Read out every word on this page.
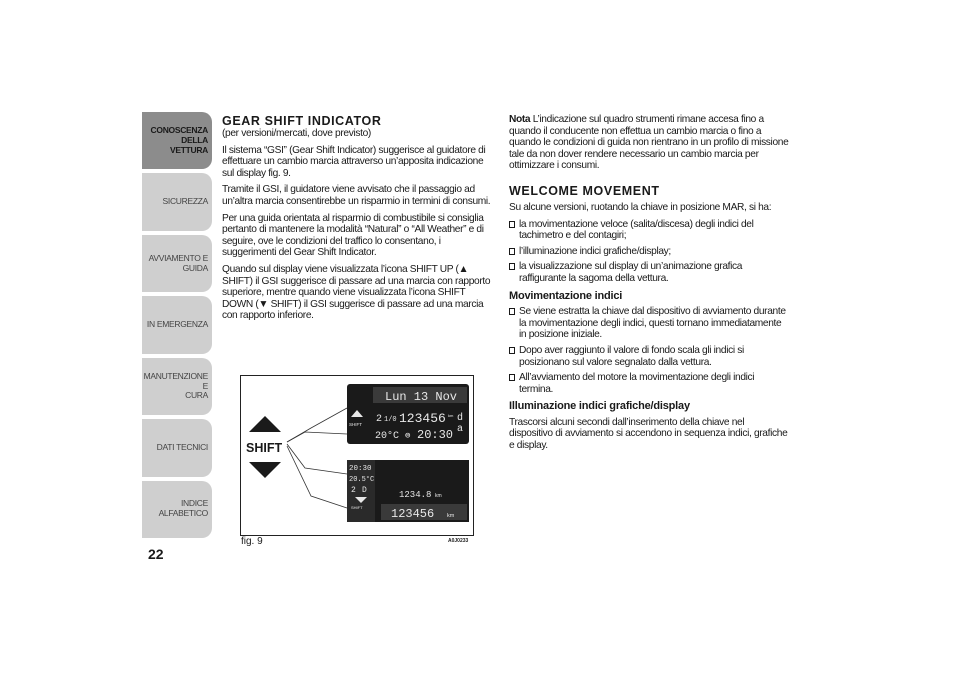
CONOSCENZA
DELLA VETTURA
SICUREZZA
AVVIAMENTO E
GUIDA
IN EMERGENZA
MANUTENZIONE E
CURA
DATI TECNICI
INDICE ALFABETICO
22
GEAR SHIFT INDICATOR

(per versioni/mercati, dove previsto)

Il sistema “GSI” (Gear Shift Indicator) suggerisce al guidatore di effettuare un cambio marcia attraverso un’apposita indicazione sul display fig. 9.

Tramite il GSI, il guidatore viene avvisato che il passaggio ad un’altra marcia consentirebbe un risparmio in termini di consumi.

Per una guida orientata al risparmio di combustibile si consiglia pertanto di mantenere la modalità “Natural” o “All Weather” e di seguire, ove le condizioni del traffico lo consentano, i suggerimenti del Gear Shift Indicator.

Quando sul display viene visualizzata l’icona SHIFT UP (▲ SHIFT) il GSI suggerisce di passare ad una marcia con rapporto superiore, mentre quando viene visualizzata l’icona SHIFT DOWN (▼ SHIFT) il GSI suggerisce di passare ad una marcia con rapporto inferiore.

SHIFT
Lun 13 Nov
SHIFT 2 1/0 123456 km d a
20°C ⊜ 20:30
20:30
20.5°C
2 D
SHIFT
1234.8 km
123456 km
fig. 9	A0J0233

Nota L’indicazione sul quadro strumenti rimane accesa fino a quando il conducente non effettua un cambio marcia o fino a quando le condizioni di guida non rientrano in un profilo di missione tale da non dover rendere necessario un cambio marcia per ottimizzare i consumi.

WELCOME MOVEMENT

Su alcune versioni, ruotando la chiave in posizione MAR, si ha:

la movimentazione veloce (salita/discesa) degli indici del tachimetro e del contagiri;
l’illuminazione indici grafiche/display;
la visualizzazione sul display di un’animazione grafica raffigurante la sagoma della vettura.
Movimentazione indici
Se viene estratta la chiave dal dispositivo di avviamento durante la movimentazione degli indici, questi tornano immediatamente in posizione iniziale.
Dopo aver raggiunto il valore di fondo scala gli indici si posizionano sul valore segnalato dalla vettura.
All’avviamento del motore la movimentazione degli indici termina.
Illuminazione indici grafiche/display

Trascorsi alcuni secondi dall’inserimento della chiave nel dispositivo di avviamento si accendono in sequenza indici, grafiche e display.
